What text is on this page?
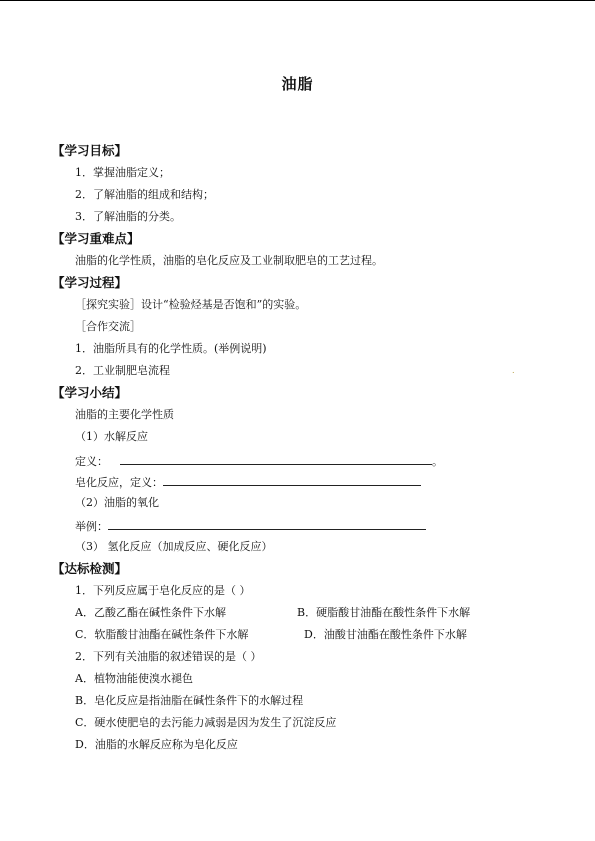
油脂
【学习目标】
1．掌握油脂定义；
2．了解油脂的组成和结构；
3．了解油脂的分类。
【学习重难点】
油脂的化学性质，油脂的皂化反应及工业制取肥皂的工艺过程。
【学习过程】
［探究实验］设计“检验烃基是否饱和”的实验。
［合作交流］
1．油脂所具有的化学性质。(举例说明)
2．工业制肥皂流程	.
【学习小结】
油脂的主要化学性质
（1）水解反应
定义：	。
皂化反应，定义：
（2）油脂的氧化
举例：
（3） 氢化反应（加成反应、硬化反应）
【达标检测】
1．下列反应属于皂化反应的是（ ）
A．乙酸乙酯在碱性条件下水解	B．硬脂酸甘油酯在酸性条件下水解
C．软脂酸甘油酯在碱性条件下水解	D．油酸甘油酯在酸性条件下水解
2．下列有关油脂的叙述错误的是（ ）
A．植物油能使溴水褪色
B．皂化反应是指油脂在碱性条件下的水解过程
C．硬水使肥皂的去污能力减弱是因为发生了沉淀反应
D．油脂的水解反应称为皂化反应
